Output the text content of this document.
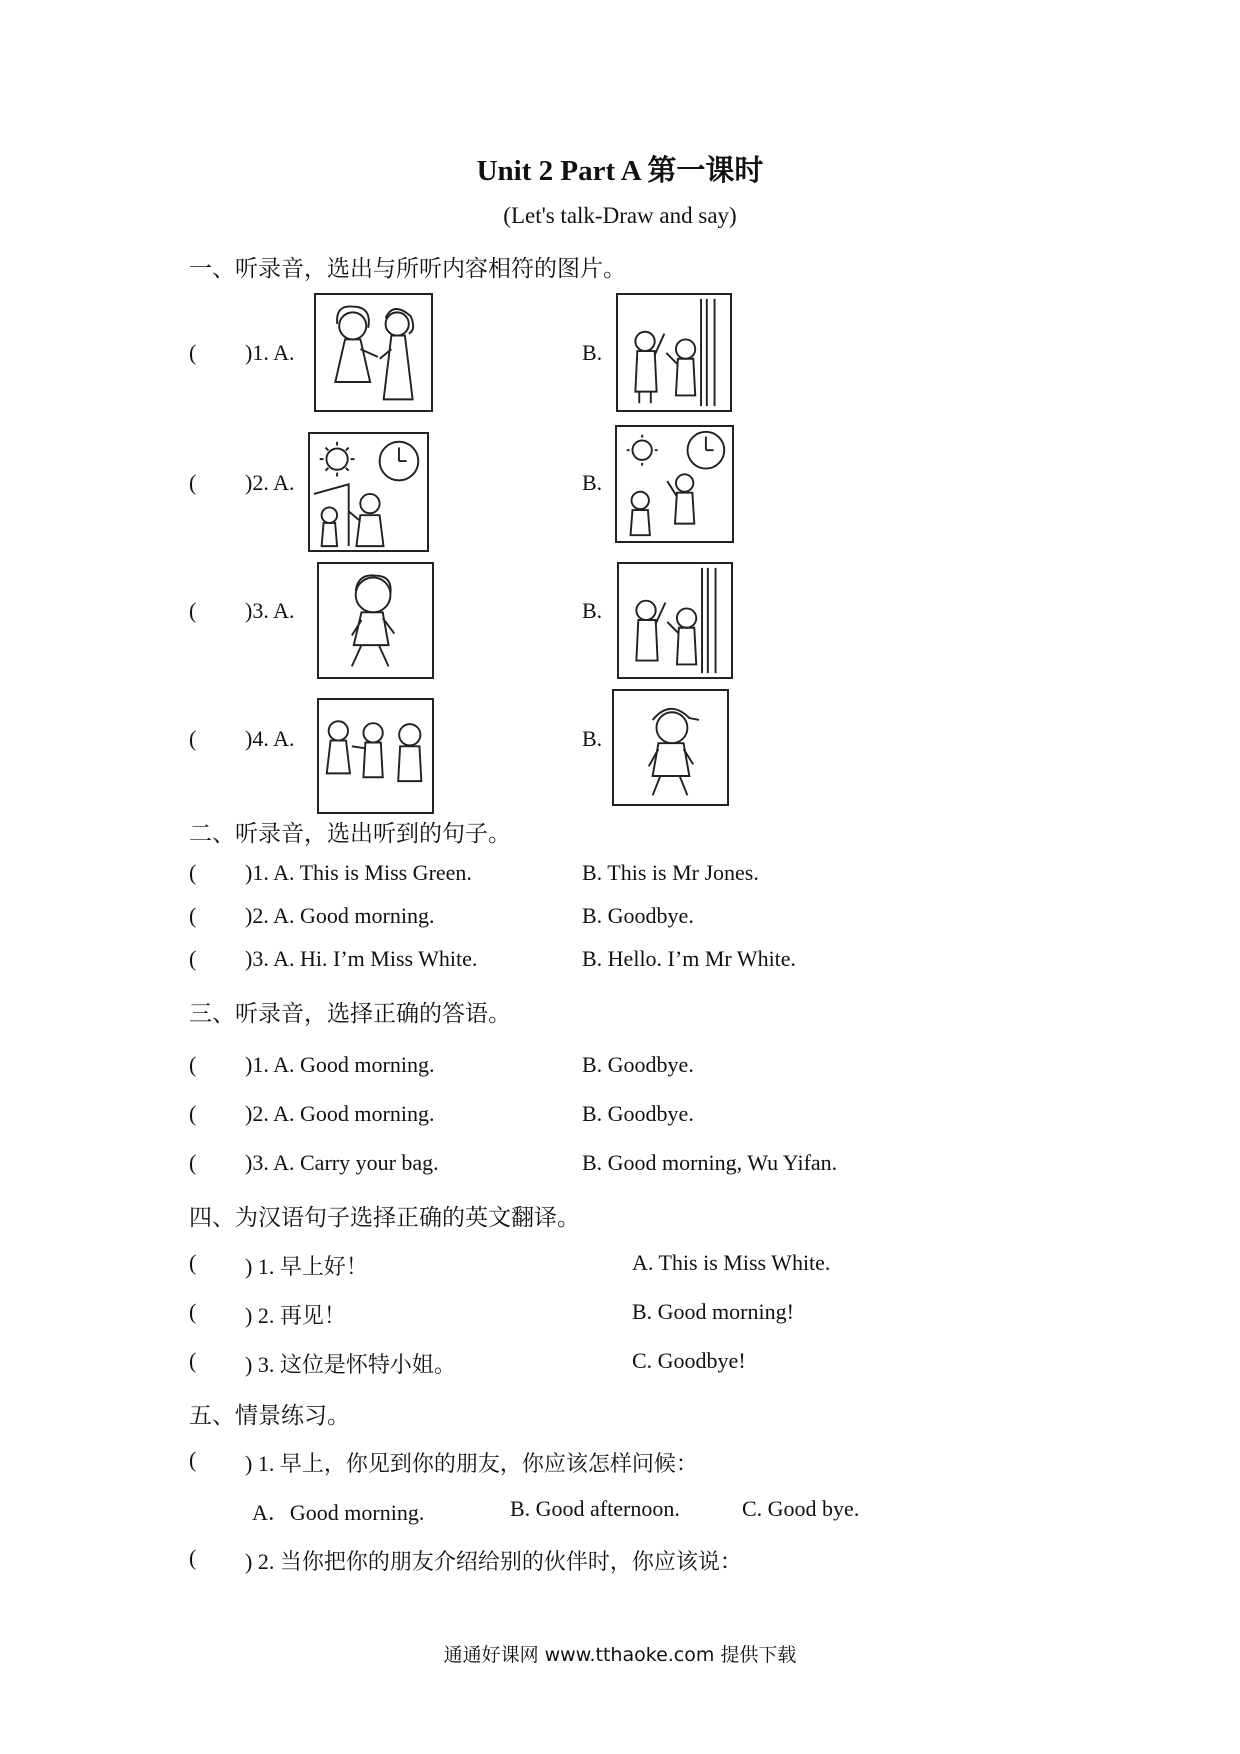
Unit 2 Part A 第一课时
(Let's talk-Draw and say)
一、听录音，选出与所听内容相符的图片。
( )1. A.	B.
( )2. A.	B.
( )3. A.	B.
( )4. A.	B.
二、听录音，选出听到的句子。
( )1. A. This is Miss Green.	B. This is Mr Jones.
( )2. A. Good morning.	B. Goodbye.
( )3. A. Hi. I’m Miss White.	B. Hello. I’m Mr White.
三、听录音，选择正确的答语。
( )1. A. Good morning.	B. Goodbye.
( )2. A. Good morning.	B. Goodbye.
( )3. A. Carry your bag.	B. Good morning, Wu Yifan.
四、为汉语句子选择正确的英文翻译。
( ) 1. 早上好！	A. This is Miss White.
( ) 2. 再见！	B. Good morning!
( ) 3. 这位是怀特小姐。	C. Goodbye!
五、情景练习。
( ) 1. 早上，你见到你的朋友，你应该怎样问候：
A．Good morning.	B. Good afternoon.	C. Good bye.
( ) 2. 当你把你的朋友介绍给别的伙伴时，你应该说：
通通好课网 www.tthaoke.com 提供下载
